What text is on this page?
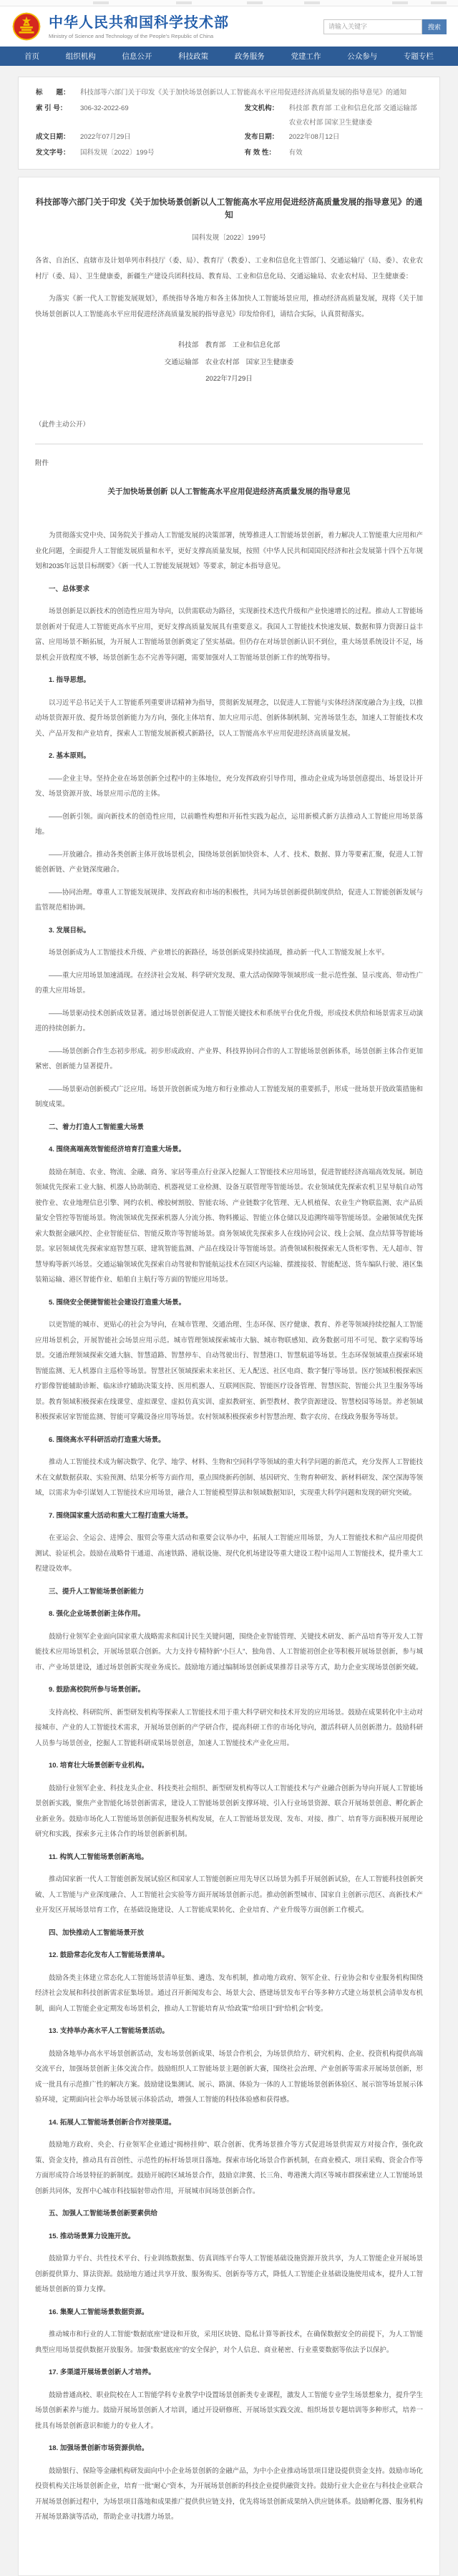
中华人民共和国科学技术部
Ministry of Science and Technology of the People's Republic of China
请输入关键字
搜索
首页	组织机构	信息公开	科技政策	政务服务	党建工作	公众参与	专题专栏
标　　题：	科技部等六部门关于印发《关于加快场景创新以人工智能高水平应用促进经济高质量发展的指导意见》的通知
索 引 号：	306-32-2022-69	发文机构：	科技部 教育部 工业和信息化部 交通运输部 农业农村部 国家卫生健康委
成文日期：	2022年07月29日	发布日期：	2022年08月12日
发文字号：	国科发规〔2022〕199号	有 效 性：	有效
科技部等六部门关于印发《关于加快场景创新以人工智能高水平应用促进经济高质量发展的指导意见》的通知
国科发规〔2022〕199号
各省、自治区、直辖市及计划单列市科技厅（委、局）、教育厅（教委）、工业和信息化主管部门、交通运输厅（局、委）、农业农村厅（委、局）、卫生健康委，新疆生产建设兵团科技局、教育局、工业和信息化局、交通运输局、农业农村局、卫生健康委：
为落实《新一代人工智能发展规划》，系统指导各地方和各主体加快人工智能场景应用，推动经济高质量发展，现将《关于加快场景创新以人工智能高水平应用促进经济高质量发展的指导意见》印发给你们，请结合实际，认真贯彻落实。
科技部　教育部　工业和信息化部
交通运输部　农业农村部　国家卫生健康委
2022年7月29日
（此件主动公开）
附件
关于加快场景创新 以人工智能高水平应用促进经济高质量发展的指导意见
为贯彻落实党中央、国务院关于推动人工智能发展的决策部署，统筹推进人工智能场景创新，着力解决人工智能重大应用和产业化问题，全面提升人工智能发展质量和水平，更好支撑高质量发展，按照《中华人民共和国国民经济和社会发展第十四个五年规划和2035年远景目标纲要》《新一代人工智能发展规划》等要求，制定本指导意见。
一、总体要求
场景创新是以新技术的创造性应用为导向，以供需联动为路径，实现新技术迭代升级和产业快速增长的过程。推动人工智能场景创新对于促进人工智能更高水平应用，更好支撑高质量发展具有重要意义。我国人工智能技术快速发展、数据和算力资源日益丰富、应用场景不断拓展，为开展人工智能场景创新奠定了坚实基础。但仍存在对场景创新认识不到位，重大场景系统设计不足，场景机会开放程度不够，场景创新生态不完善等问题，需要加强对人工智能场景创新工作的统筹指导。
1. 指导思想。
以习近平总书记关于人工智能系列重要讲话精神为指导，贯彻新发展理念，以促进人工智能与实体经济深度融合为主线，以推动场景资源开放、提升场景创新能力为方向，强化主体培育、加大应用示范、创新体制机制、完善场景生态，加速人工智能技术攻关、产品开发和产业培育，探索人工智能发展新模式新路径，以人工智能高水平应用促进经济高质量发展。
2. 基本原则。
——企业主导。坚持企业在场景创新全过程中的主体地位，充分发挥政府引导作用，推动企业成为场景创意提出、场景设计开发、场景资源开放、场景应用示范的主体。
——创新引领。面向新技术的创造性应用，以前瞻性构想和开拓性实践为起点，运用新模式新方法推动人工智能应用场景落地。
——开放融合。推动各类创新主体开放场景机会，围绕场景创新加快资本、人才、技术、数据、算力等要素汇聚，促进人工智能创新链、产业链深度融合。
——协同治理。尊重人工智能发展规律、发挥政府和市场的积极性，共同为场景创新提供制度供给，促进人工智能创新发展与监管规范相协调。
3. 发展目标。
场景创新成为人工智能技术升级、产业增长的新路径，场景创新成果持续涌现，推动新一代人工智能发展上水平。
——重大应用场景加速涌现。在经济社会发展、科学研究发现、重大活动保障等领域形成一批示范性强、显示度高、带动性广的重大应用场景。
——场景驱动技术创新成效显著。通过场景创新促进人工智能关键技术和系统平台优化升级，形成技术供给和场景需求互动演进的持续创新力。
——场景创新合作生态初步形成。初步形成政府、产业界、科技界协同合作的人工智能场景创新体系，场景创新主体合作更加紧密、创新能力显著提升。
——场景驱动创新模式广泛应用。场景开放创新成为地方和行业推动人工智能发展的重要抓手，形成一批场景开放政策措施和制度成果。
二、着力打造人工智能重大场景
4. 围绕高端高效智能经济培育打造重大场景。
鼓励在制造、农业、物流、金融、商务、家居等重点行业深入挖掘人工智能技术应用场景，促进智能经济高端高效发展。制造领域优先探索工业大脑、机器人协助制造、机器视觉工业检测、设备互联管理等智能场景。农业领域优先探索农机卫星导航自动驾驶作业、农业地理信息引擎、网约农机、橡胶树割胶、智能农场、产业链数字化管理、无人机植保、农业生产物联监测、农产品质量安全管控等智能场景。物流领域优先探索机器人分流分拣、物料搬运、智能立体仓储以及追溯终端等智能场景。金融领域优先探索大数据金融风控、企业智能征信、智能反欺诈等智能场景。商务领域优先探索多人在线协同会议、线上会展、盘点结算等智能场景。家居领域优先探索家庭智慧互联、建筑智能监测、产品在线设计等智能场景。消费领域积极探索无人货柜零售、无人超市、智慧导购等新兴场景。交通运输领域优先探索自动驾驶和智能航运技术在园区内运输、摆渡接驳、智能配送、货车编队行驶、港区集装箱运输、港区智能作业、船舶自主航行等方面的智能应用场景。
5. 围绕安全便捷智能社会建设打造重大场景。
以更智能的城市、更贴心的社会为导向，在城市管理、交通治理、生态环保、医疗健康、教育、养老等领域持续挖掘人工智能应用场景机会，开展智能社会场景应用示范。城市管理领域探索城市大脑、城市物联感知、政务数据可用不可见、数字采购等场景。交通治理领域探索交通大脑、智慧道路、智慧停车、自动驾驶出行、智慧港口、智慧航道等场景。生态环保领域重点探索环境智能监测、无人机器自主巡检等场景。智慧社区领域探索未来社区、无人配送、社区电商、数字餐厅等场景。医疗领域积极探索医疗影像智能辅助诊断、临床诊疗辅助决策支持、医用机器人、互联网医院、智能医疗设备管理、智慧医院、智能公共卫生服务等场景。教育领域积极探索在线课堂、虚拟课堂、虚拟仿真实训、虚拟教研室、新型教材、教学资源建设、智慧校园等场景。养老领域积极探索居家智能监测、智能可穿戴设备应用等场景。农村领域积极探索乡村智慧治理、数字农房、在线政务服务等场景。
6. 围绕高水平科研活动打造重大场景。
推动人工智能技术成为解决数学、化学、地学、材料、生物和空间科学等领域的重大科学问题的新范式，充分发挥人工智能技术在文献数据获取、实验预测、结果分析等方面作用，重点围绕新药创制、基因研究、生物育种研发、新材料研发、深空深海等领域，以需求为牵引谋划人工智能技术应用场景，融合人工智能模型算法和领域数据知识，实现重大科学问题和发现的研究突破。
7. 围绕国家重大活动和重大工程打造重大场景。
在亚运会、全运会、进博会、服贸会等重大活动和重要会议举办中，拓展人工智能应用场景，为人工智能技术和产品应用提供测试、验证机会。鼓励在战略骨干通道、高速铁路、港航设施、现代化机场建设等重大建设工程中运用人工智能技术，提升重大工程建设效率。
三、提升人工智能场景创新能力
8. 强化企业场景创新主体作用。
鼓励行业领军企业面向国家重大战略需求和国计民生关键问题，围绕企业智能管理、关键技术研发、新产品培育等开发人工智能技术应用场景机会，开展场景联合创新。大力支持专精特新“小巨人”、独角兽、人工智能初创企业等积极开展场景创新，参与城市、产业场景建设，通过场景创新实现业务成长。鼓励地方通过编制场景创新成果推荐目录等方式，助力企业实现场景创新突破。
9. 鼓励高校院所参与场景创新。
支持高校、科研院所、新型研发机构等探索人工智能技术用于重大科学研究和技术开发的应用场景。鼓励在成果转化中主动对接城市、产业的人工智能技术需求，开展场景创新的产学研合作，提高科研工作的市场化导向，激活科研人员创新潜力。鼓励科研人员参与场景创业，挖掘人工智能科研成果场景创意，加速人工智能技术产业化应用。
10. 培育壮大场景创新专业机构。
鼓励行业领军企业、科技龙头企业、科技类社会组织、新型研发机构等以人工智能技术与产业融合创新为导向开展人工智能场景创新实践，聚焦产业智能化场景创新需求，建设人工智能场景创新支撑环境、引入行业场景资源、联合开展场景创意、孵化新企业新业务。鼓励市场化人工智能场景创新促进服务机构发展，在人工智能场景发现、发布、对接、推广、培育等方面积极开展理论研究和实践，探索多元主体合作的场景创新新机制。
11. 构筑人工智能场景创新高地。
推动国家新一代人工智能创新发展试验区和国家人工智能创新应用先导区以场景为抓手开展创新试验，在人工智能科技创新突破、人工智能与产业深度融合、人工智能社会实验等方面开展场景创新示范。推动创新型城市、国家自主创新示范区、高新技术产业开发区开展场景培育工作，在基础设施建设、人工智能成果转化、企业培育、产业升级等方面创新工作模式。
四、加快推动人工智能场景开放
12. 鼓励常态化发布人工智能场景清单。
鼓励各类主体建立常态化人工智能场景清单征集、遴选、发布机制，推动地方政府、领军企业、行业协会和专业服务机构围绕经济社会发展和科技创新需求征集场景。通过召开新闻发布会、场景大会、搭建场景发布平台等多种方式建立场景机会清单发布机制，面向人工智能企业定期发布场景机会，推动人工智能培育从“给政策”“给项目”到“给机会”转变。
13. 支持举办高水平人工智能场景活动。
鼓励各地举办高水平场景创新活动，发布场景创新成果、场景合作机会，为场景供给方、研究机构、企业、投资机构提供高端交流平台，加强场景创新主体交流合作。鼓励组织人工智能场景主题创新大赛，围绕社会治理、产业创新等需求开展场景创新，形成一批具有示范推广性的解决方案。鼓励建设集测试、展示、路演、体验为一体的人工智能场景创新体验区、展示馆等场景展示体验环境，定期面向社会举办场景展示体验活动，增强人工智能的科技体验感和获得感。
14. 拓展人工智能场景创新合作对接渠道。
鼓励地方政府、央企、行业领军企业通过“揭榜挂帅”、联合创新、优秀场景推介等方式促进场景供需双方对接合作，强化政策、资金支持，推动具有首创性、示范性的标杆场景项目落地。探索市场化场景合作新机制，在商业模式、项目采购、资金合作等方面形成符合场景特征的新制度。鼓励开展跨区域场景合作，鼓励京津冀、长三角、粤港澳大湾区等城市群探索建立人工智能场景创新共同体，发挥中心城市科技辐射带动作用，开展城市间场景创新合作。
五、加强人工智能场景创新要素供给
15. 推动场景算力设施开放。
鼓励算力平台、共性技术平台、行业训练数据集、仿真训练平台等人工智能基础设施资源开放共享，为人工智能企业开展场景创新提供算力、算法资源。鼓励地方通过共享开放、服务购买、创新券等方式，降低人工智能企业基础设施使用成本，提升人工智能场景创新的算力支撑。
16. 集聚人工智能场景数据资源。
推动城市和行业的人工智能“数据底座”建设和开放，采用区块链、隐私计算等新技术，在确保数据安全的前提下，为人工智能典型应用场景提供数据开放服务。加强“数据底座”的安全保护，对个人信息、商业秘密、行业重要数据等依法予以保护。
17. 多渠道开展场景创新人才培养。
鼓励普通高校、职业院校在人工智能学科专业教学中设置场景创新类专业课程，激发人工智能专业学生场景想象力，提升学生场景创新素养与能力。鼓励开展场景创新人才培训，通过开设研修班、开展场景实践交流、组织场景专题培训等多种形式，培养一批具有场景创新意识和能力的专业人才。
18. 加强场景创新市场资源供给。
鼓励银行、保险等金融机构研发面向中小企业场景创新的金融产品，为中小企业推动场景项目建设提供资金支持。鼓励市场化投资机构关注场景创新企业，培育一批“耐心”资本，为开展场景创新的科技企业提供融资支持。鼓励行业大企业在与科技企业联合开展场景创新过程中，为场景项目落地和成果推广提供供应链支持，优先将场景创新成果纳入供应链体系。鼓励孵化器、服务机构开展场景路演等活动，帮助企业寻找潜力场景。
